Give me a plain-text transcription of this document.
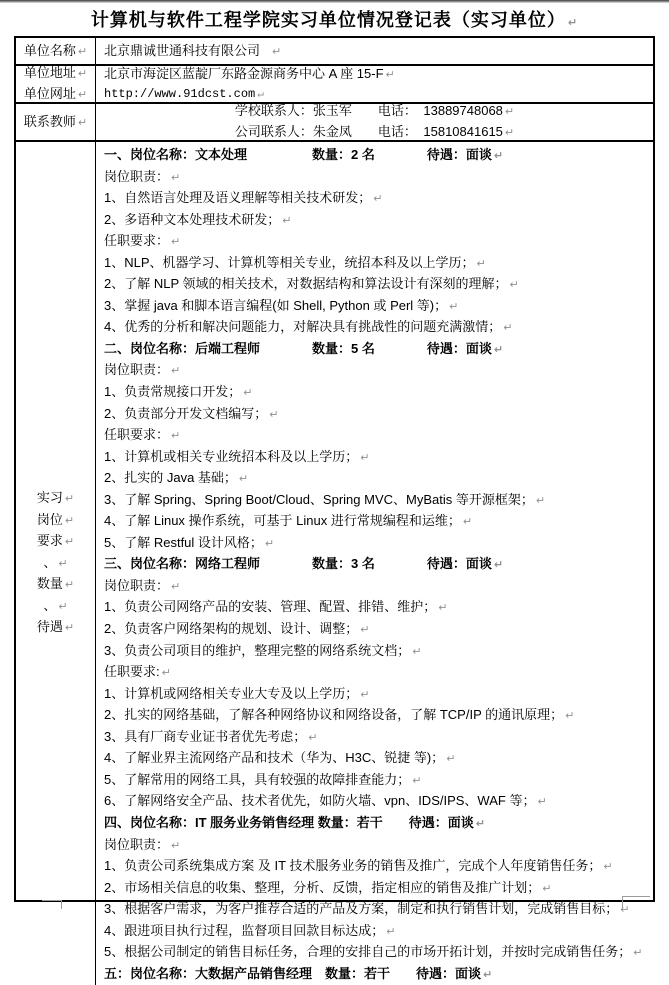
计算机与软件工程学院实习单位情况登记表（实习单位） ↵
单位名称 ↵ 北京鼎诚世通科技有限公司 ↵
单位地址 ↵
单位网址 ↵
北京市海淀区蓝靛厂东路金源商务中心 A 座 15-F ↵
http://www.91dcst.com ↵
联系教师 ↵
学校联系人：张玉军　　电话：　13889748068 ↵
公司联系人：朱金凤　　电话：　15810841615 ↵
实习 ↵
岗位 ↵
要求 ↵
、 ↵
数量 ↵
、 ↵
待遇 ↵
一、岗位名称：文本处理　　　　　数量：2 名　　　　待遇：面谈 ↵
岗位职责： ↵
1、自然语言处理及语义理解等相关技术研发； ↵
2、多语种文本处理技术研发； ↵
任职要求： ↵
1、NLP、机器学习、计算机等相关专业，统招本科及以上学历； ↵
2、了解 NLP 领域的相关技术，对数据结构和算法设计有深刻的理解； ↵
3、掌握 java 和脚本语言编程(如 Shell, Python 或 Perl 等)； ↵
4、优秀的分析和解决问题能力，对解决具有挑战性的问题充满激情； ↵
二、岗位名称：后端工程师　　　　数量：5 名　　　　待遇：面谈 ↵
岗位职责： ↵
1、负责常规接口开发； ↵
2、负责部分开发文档编写； ↵
任职要求： ↵
1、计算机或相关专业统招本科及以上学历； ↵
2、扎实的 Java 基础； ↵
3、了解 Spring、Spring Boot/Cloud、Spring MVC、MyBatis 等开源框架； ↵
4、了解 Linux 操作系统，可基于 Linux 进行常规编程和运维； ↵
5、了解 Restful 设计风格； ↵
三、岗位名称：网络工程师　　　　数量：3 名　　　　待遇：面谈 ↵
岗位职责： ↵
1、负责公司网络产品的安装、管理、配置、排错、维护； ↵
2、负责客户网络架构的规划、设计、调整； ↵
3、负责公司项目的维护，整理完整的网络系统文档； ↵
任职要求: ↵
1、计算机或网络相关专业大专及以上学历； ↵
2、扎实的网络基础，了解各种网络协议和网络设备，了解 TCP/IP 的通讯原理； ↵
3、具有厂商专业证书者优先考虑； ↵
4、了解业界主流网络产品和技术（华为、H3C、锐捷 等)； ↵
5、了解常用的网络工具，具有较强的故障排查能力； ↵
6、了解网络安全产品、技术者优先，如防火墙、vpn、IDS/IPS、WAF 等； ↵
四、岗位名称：IT 服务业务销售经理 数量：若干　　待遇：面谈 ↵
岗位职责： ↵
1、负责公司系统集成方案 及 IT 技术服务业务的销售及推广，完成个人年度销售任务； ↵
2、市场相关信息的收集、整理，分析、反馈，指定相应的销售及推广计划； ↵
3、根据客户需求，为客户推荐合适的产品及方案，制定和执行销售计划，完成销售目标； ↵
4、跟进项目执行过程，监督项目回款目标达成； ↵
5、根据公司制定的销售目标任务，合理的安排自己的市场开拓计划，并按时完成销售任务； ↵
五：岗位名称：大数据产品销售经理　数量：若干　　待遇：面谈 ↵
